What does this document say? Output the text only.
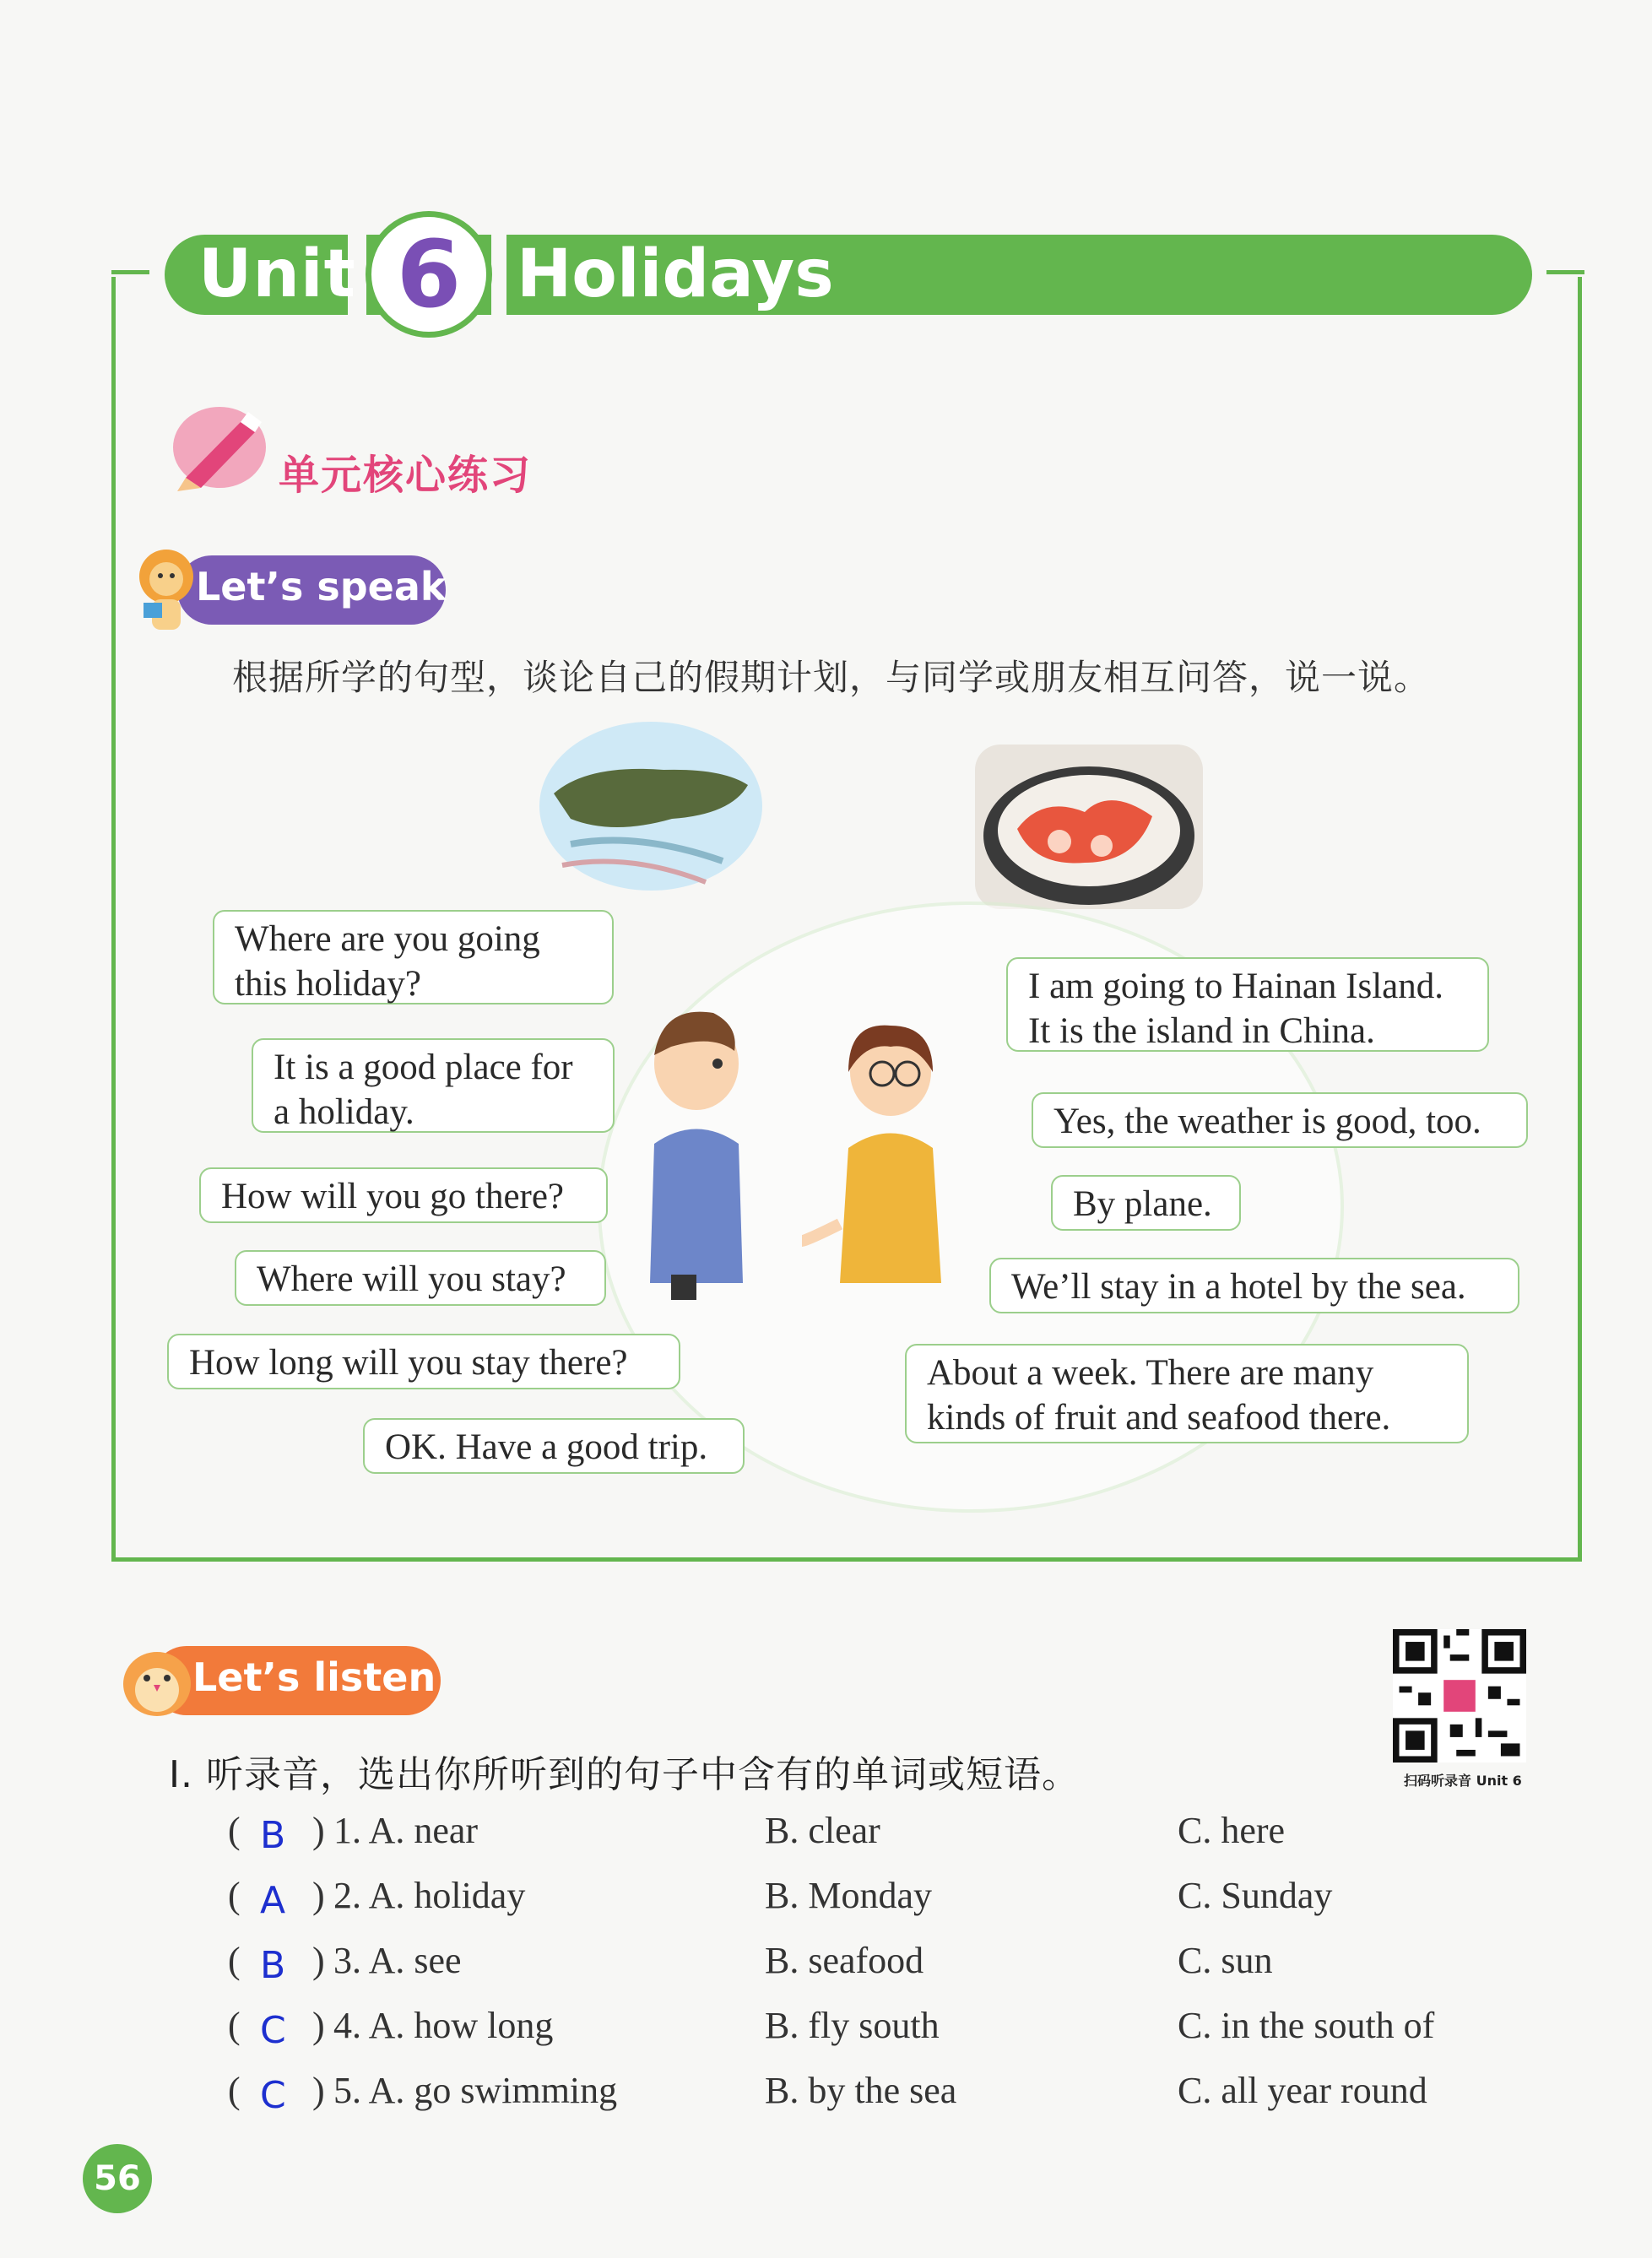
Unit 6 Holidays
单元核心练习
Let’s speak
根据所学的句型，谈论自己的假期计划，与同学或朋友相互问答，说一说。
Where are you going
this holiday?
It is a good place for
a holiday.
How will you go there?
Where will you stay?
How long will you stay there?
OK. Have a good trip.
I am going to Hainan Island.
It is the island in China.
Yes, the weather is good, too.
By plane.
We’ll stay in a hotel by the sea.
About a week. There are many
kinds of fruit and seafood there.
Let’s listen
扫码听录音 Unit 6
Ⅰ. 听录音，选出你所听到的句子中含有的单词或短语。
( B ) 1. A. near	B. clear	C. here
( A ) 2. A. holiday	B. Monday	C. Sunday
( B ) 3. A. see	B. seafood	C. sun
( C ) 4. A. how long	B. fly south	C. in the south of
( C ) 5. A. go swimming	B. by the sea	C. all year round
56
